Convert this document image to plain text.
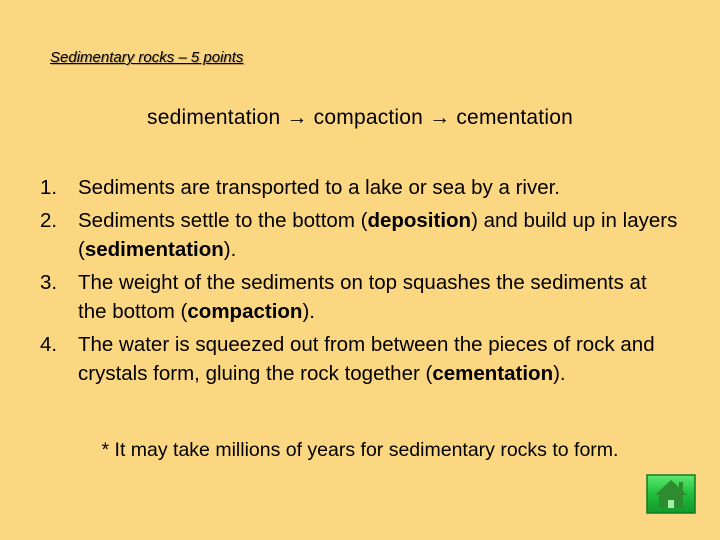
Sedimentary rocks – 5 points
sedimentation → compaction → cementation
1. Sediments are transported to a lake or sea by a river.
2. Sediments settle to the bottom (deposition) and build up in layers (sedimentation).
3. The weight of the sediments on top squashes the sediments at the bottom (compaction).
4. The water is squeezed out from between the pieces of rock and crystals form, gluing the rock together (cementation).
* It may take millions of years for sedimentary rocks to form.
